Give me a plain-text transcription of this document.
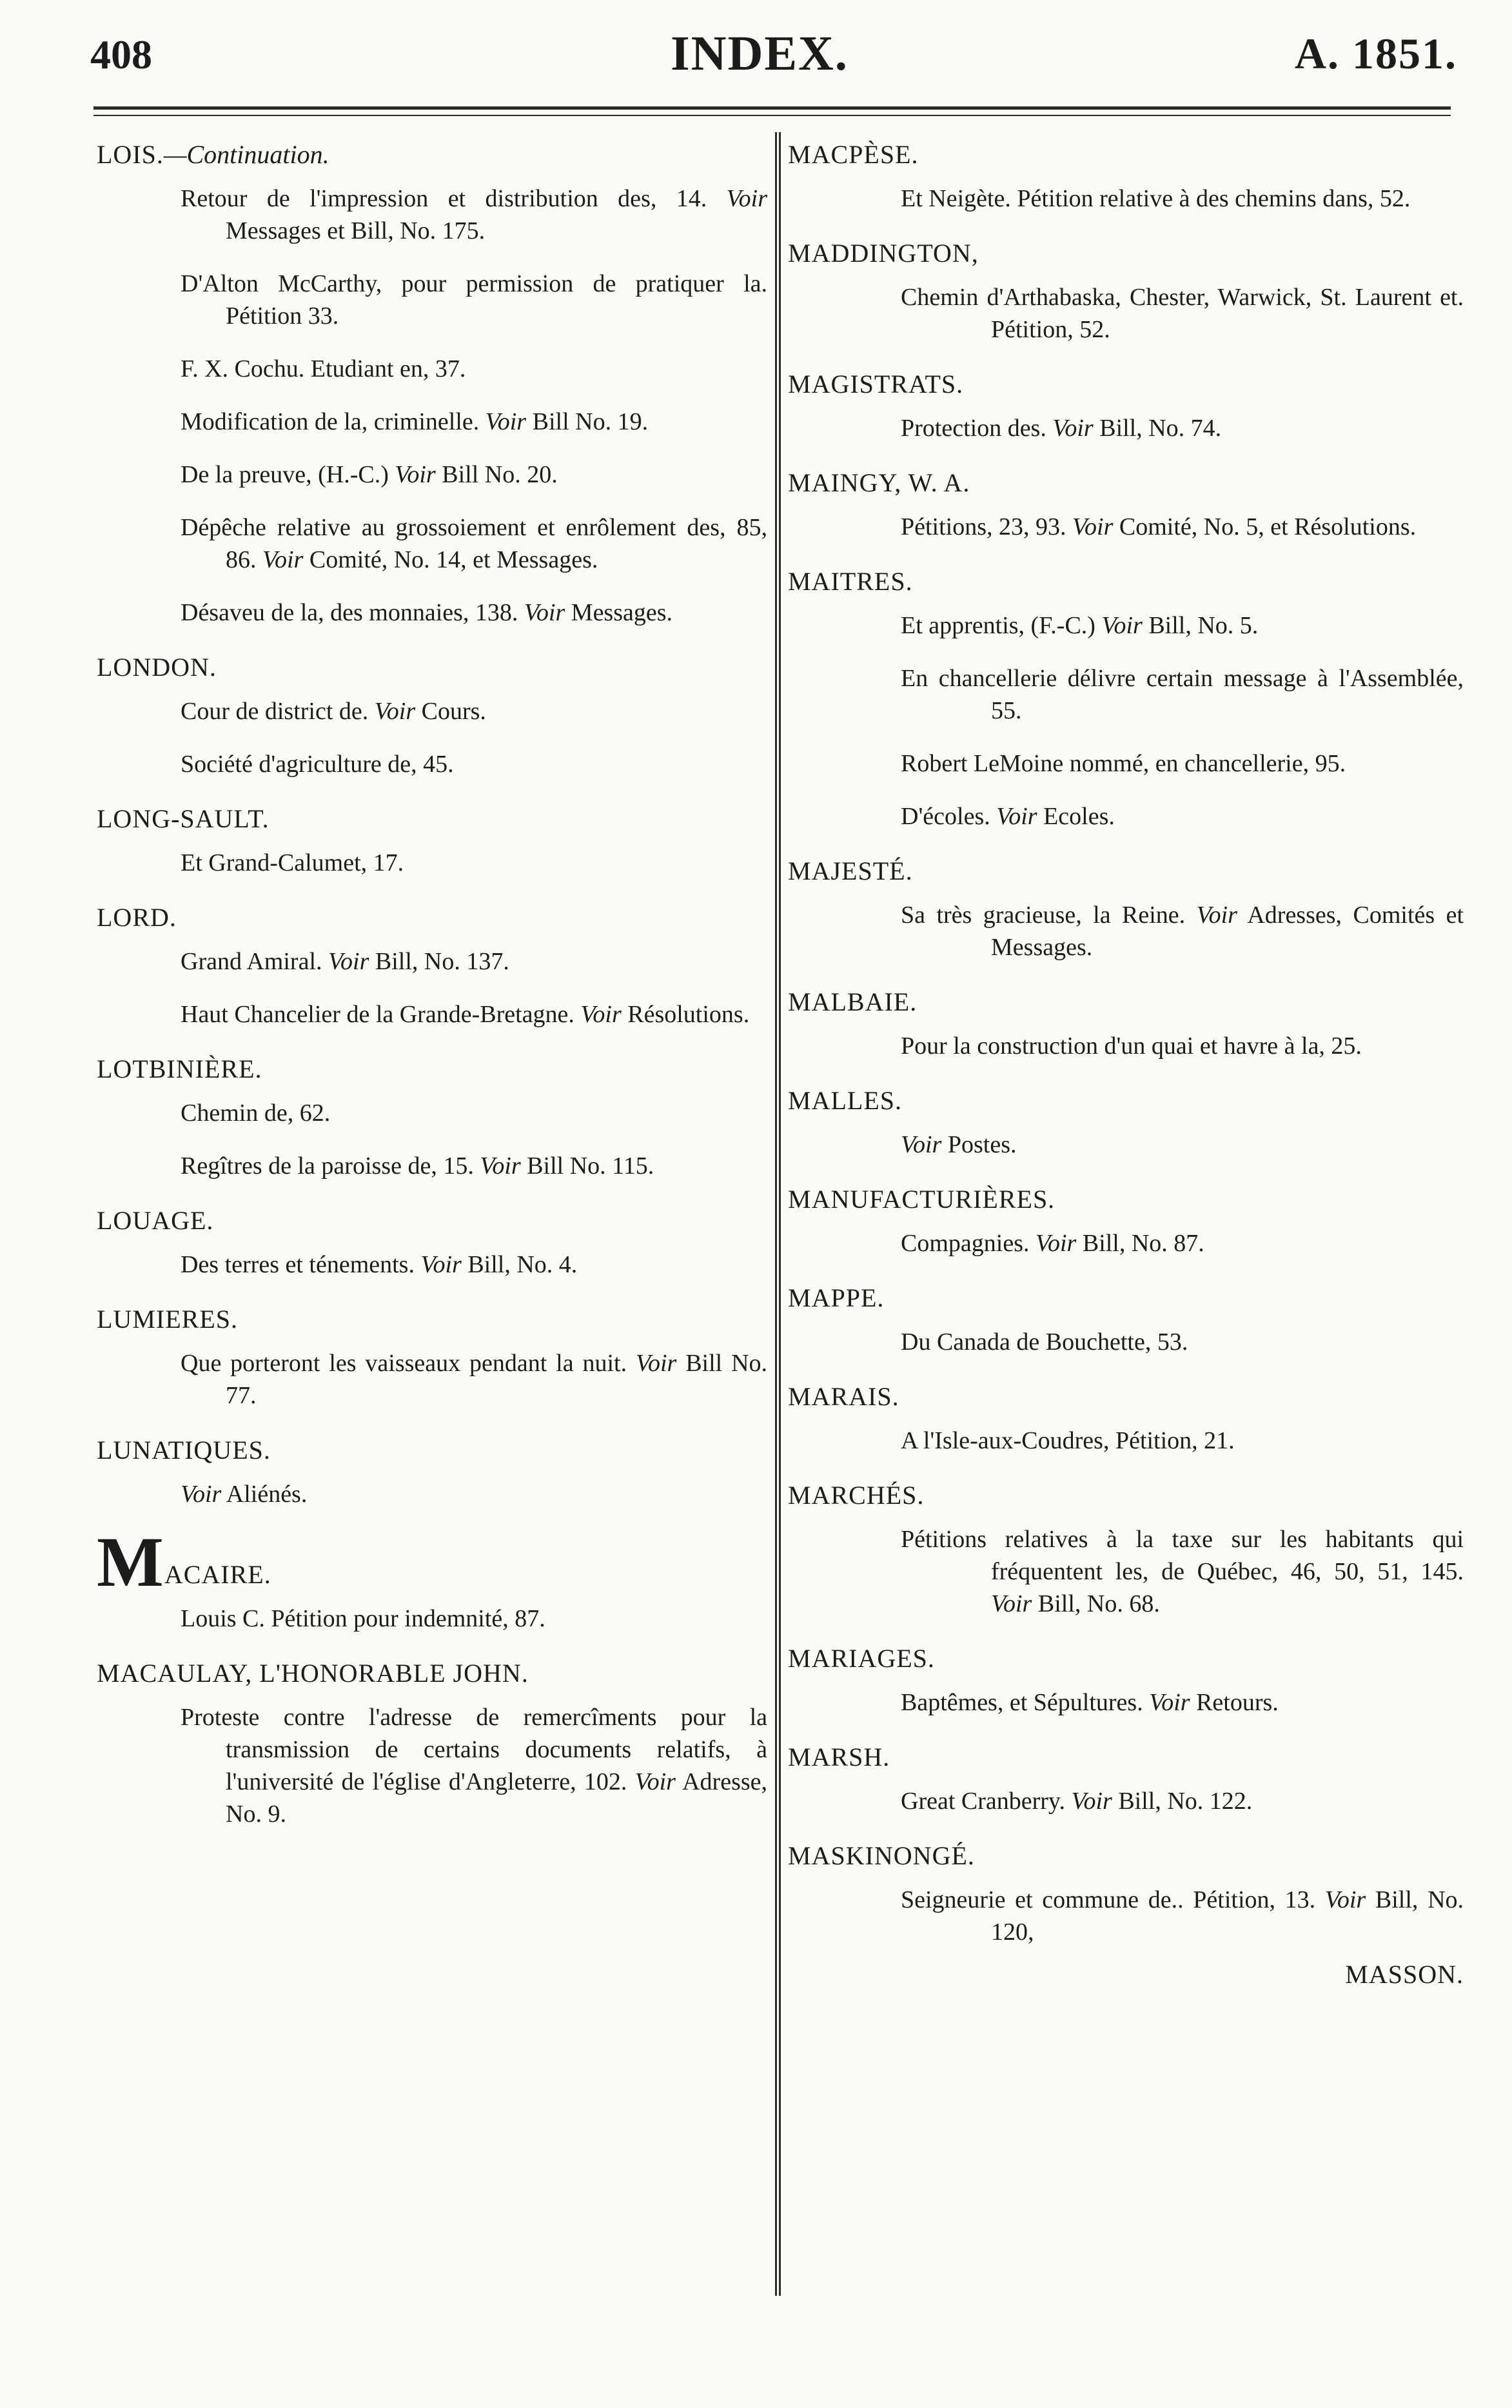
408	INDEX.	A. 1851.
LOIS.—Continuation.

Retour de l'impression et distribution des, 14. Voir Messages et Bill, No. 175.

D'Alton McCarthy, pour permission de pratiquer la. Pétition 33.

F. X. Cochu. Etudiant en, 37.

Modification de la, criminelle. Voir Bill No. 19.

De la preuve, (H.-C.) Voir Bill No. 20.

Dépêche relative au grossoiement et enrôlement des, 85, 86. Voir Comité, No. 14, et Messages.

Désaveu de la, des monnaies, 138. Voir Messages.

LONDON.

Cour de district de. Voir Cours.

Société d'agriculture de, 45.

LONG-SAULT.

Et Grand-Calumet, 17.

LORD.

Grand Amiral. Voir Bill, No. 137.

Haut Chancelier de la Grande-Bretagne. Voir Résolutions.

LOTBINIÈRE.

Chemin de, 62.

Regîtres de la paroisse de, 15. Voir Bill No. 115.

LOUAGE.

Des terres et ténements. Voir Bill, No. 4.

LUMIERES.

Que porteront les vaisseaux pendant la nuit. Voir Bill No. 77.

LUNATIQUES.

Voir Aliénés.

MACAIRE.

Louis C. Pétition pour indemnité, 87.

MACAULAY, L'HONORABLE JOHN.

Proteste contre l'adresse de remercîments pour la transmission de certains documents relatifs, à l'université de l'église d'Angleterre, 102. Voir Adresse, No. 9.

MACPÈSE.

Et Neigète. Pétition relative à des chemins dans, 52.

MADDINGTON,

Chemin d'Arthabaska, Chester, Warwick, St. Laurent et. Pétition, 52.

MAGISTRATS.

Protection des. Voir Bill, No. 74.

MAINGY, W. A.

Pétitions, 23, 93. Voir Comité, No. 5, et Résolutions.

MAITRES.

Et apprentis, (F.-C.) Voir Bill, No. 5.

En chancellerie délivre certain message à l'Assemblée, 55.

Robert LeMoine nommé, en chancellerie, 95.

D'écoles. Voir Ecoles.

MAJESTÉ.

Sa très gracieuse, la Reine. Voir Adresses, Comités et Messages.

MALBAIE.

Pour la construction d'un quai et havre à la, 25.

MALLES.

Voir Postes.

MANUFACTURIÈRES.

Compagnies. Voir Bill, No. 87.

MAPPE.

Du Canada de Bouchette, 53.

MARAIS.

A l'Isle-aux-Coudres, Pétition, 21.

MARCHÉS.

Pétitions relatives à la taxe sur les habitants qui fréquentent les, de Québec, 46, 50, 51, 145. Voir Bill, No. 68.

MARIAGES.

Baptêmes, et Sépultures. Voir Retours.

MARSH.

Great Cranberry. Voir Bill, No. 122.

MASKINONGÉ.

Seigneurie et commune de.. Pétition, 13. Voir Bill, No. 120,

MASSON.
